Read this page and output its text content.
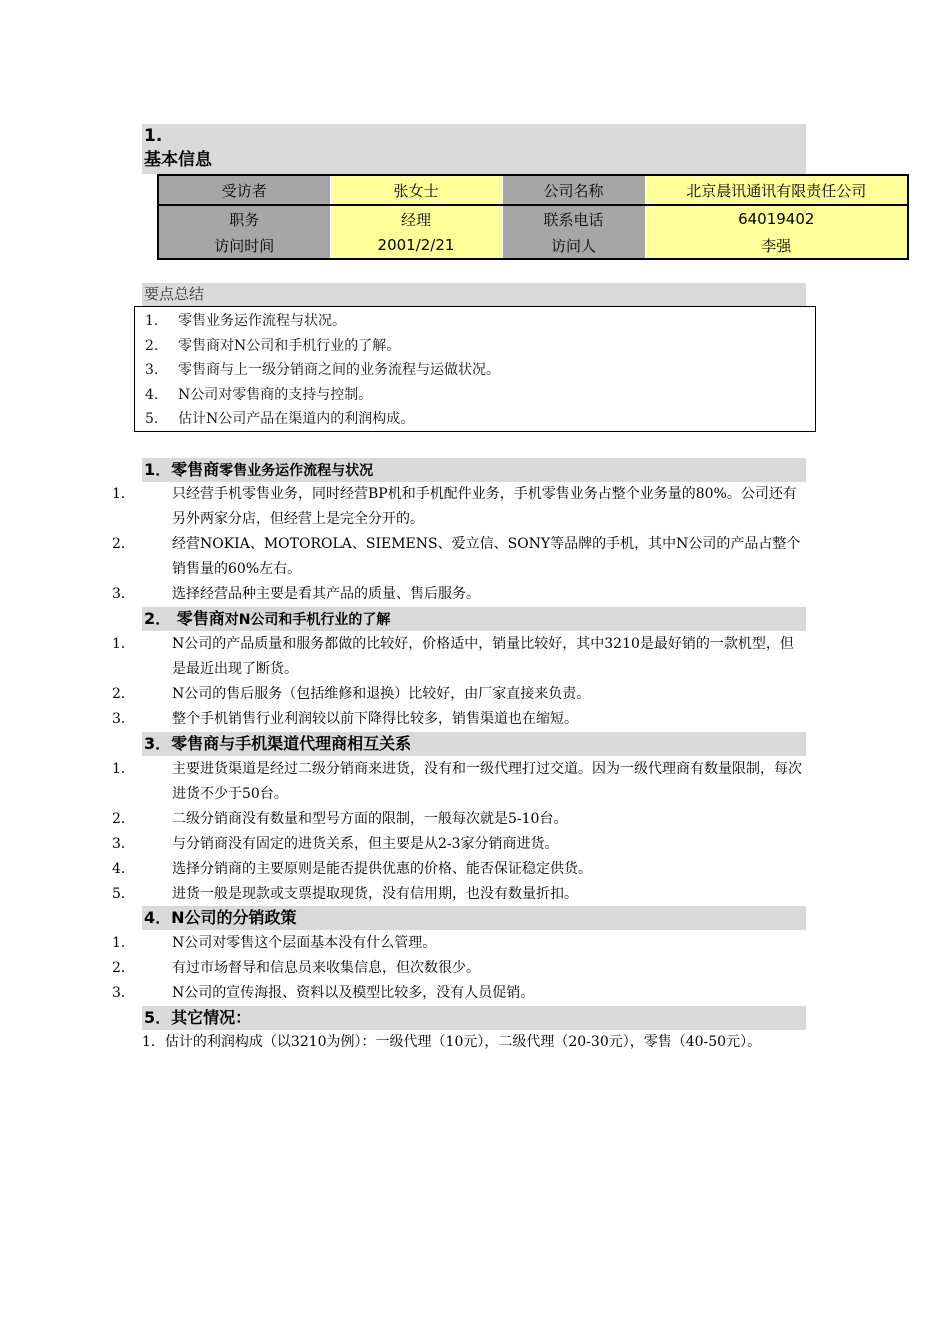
1.
基本信息
受访者	张女士	公司名称	北京晨讯通讯有限责任公司
职务	经理	联系电话	64019402
访问时间	2001/2/21	访问人	李强
要点总结
1. 零售业务运作流程与状况。
2. 零售商对N公司和手机行业的了解。
3. 零售商与上一级分销商之间的业务流程与运做状况。
4. N公司对零售商的支持与控制。
5. 估计N公司产品在渠道内的利润构成。
1．零售商零售业务运作流程与状况
1．	只经营手机零售业务，同时经营BP机和手机配件业务，手机零售业务占整个业务量的80%。公司还有另外两家分店，但经营上是完全分开的。
2．	经营NOKIA、MOTOROLA、SIEMENS、爱立信、SONY等品牌的手机，其中N公司的产品占整个销售量的60%左右。
3．	选择经营品种主要是看其产品的质量、售后服务。
2． 零售商对N公司和手机行业的了解
1．	N公司的产品质量和服务都做的比较好，价格适中，销量比较好，其中3210是最好销的一款机型，但是最近出现了断货。
2．	N公司的售后服务（包括维修和退换）比较好，由厂家直接来负责。
3．	整个手机销售行业利润较以前下降得比较多，销售渠道也在缩短。
3．零售商与手机渠道代理商相互关系
1．	主要进货渠道是经过二级分销商来进货，没有和一级代理打过交道。因为一级代理商有数量限制，每次进货不少于50台。
2．	二级分销商没有数量和型号方面的限制，一般每次就是5-10台。
3．	与分销商没有固定的进货关系，但主要是从2-3家分销商进货。
4．	选择分销商的主要原则是能否提供优惠的价格、能否保证稳定供货。
5．	进货一般是现款或支票提取现货，没有信用期，也没有数量折扣。
4．N公司的分销政策
1．	N公司对零售这个层面基本没有什么管理。
2．	有过市场督导和信息员来收集信息，但次数很少。
3．	N公司的宣传海报、资料以及模型比较多，没有人员促销。
5．其它情况：
1．估计的利润构成（以3210为例）：一级代理（10元），二级代理（20-30元），零售（40-50元）。
